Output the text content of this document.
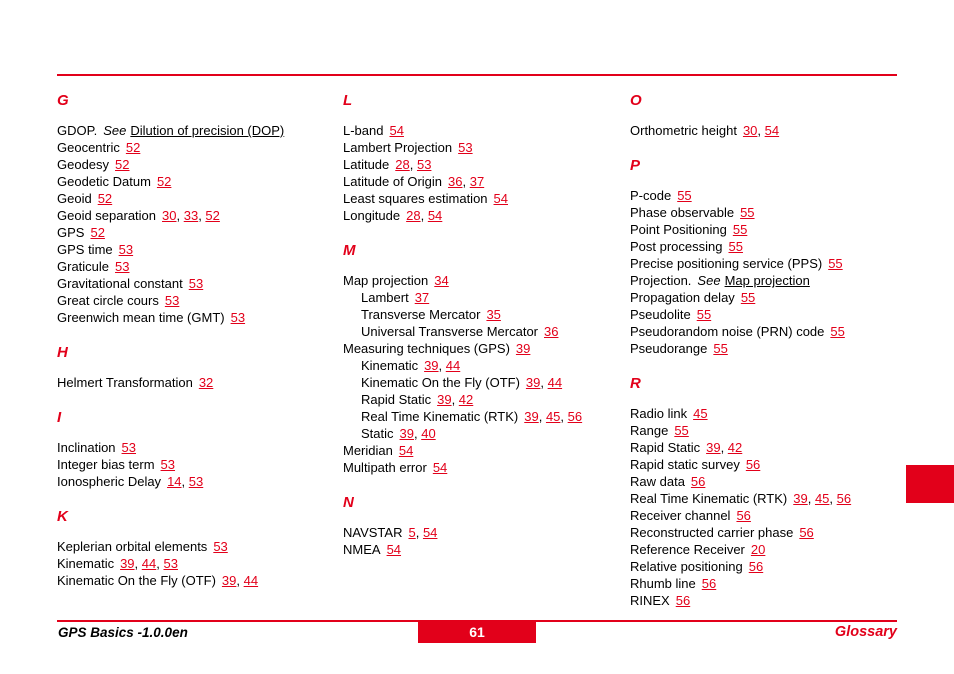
G
GDOP. See Dilution of precision (DOP)
Geocentric 52
Geodesy 52
Geodetic Datum 52
Geoid 52
Geoid separation 30, 33, 52
GPS 52
GPS time 53
Graticule 53
Gravitational constant 53
Great circle cours 53
Greenwich mean time (GMT) 53
H
Helmert Transformation 32
I
Inclination 53
Integer bias term 53
Ionospheric Delay 14, 53
K
Keplerian orbital elements 53
Kinematic 39, 44, 53
Kinematic On the Fly (OTF) 39, 44
L
L-band 54
Lambert Projection 53
Latitude 28, 53
Latitude of Origin 36, 37
Least squares estimation 54
Longitude 28, 54
M
Map projection 34
Lambert 37
Transverse Mercator 35
Universal Transverse Mercator 36
Measuring techniques (GPS) 39
Kinematic 39, 44
Kinematic On the Fly (OTF) 39, 44
Rapid Static 39, 42
Real Time Kinematic (RTK) 39, 45, 56
Static 39, 40
Meridian 54
Multipath error 54
N
NAVSTAR 5, 54
NMEA 54
O
Orthometric height 30, 54
P
P-code 55
Phase observable 55
Point Positioning 55
Post processing 55
Precise positioning service (PPS) 55
Projection. See Map projection
Propagation delay 55
Pseudolite 55
Pseudorandom noise (PRN) code 55
Pseudorange 55
R
Radio link 45
Range 55
Rapid Static 39, 42
Rapid static survey 56
Raw data 56
Real Time Kinematic (RTK) 39, 45, 56
Receiver channel 56
Reconstructed carrier phase 56
Reference Receiver 20
Relative positioning 56
Rhumb line 56
RINEX 56
GPS Basics -1.0.0en	61	Glossary
